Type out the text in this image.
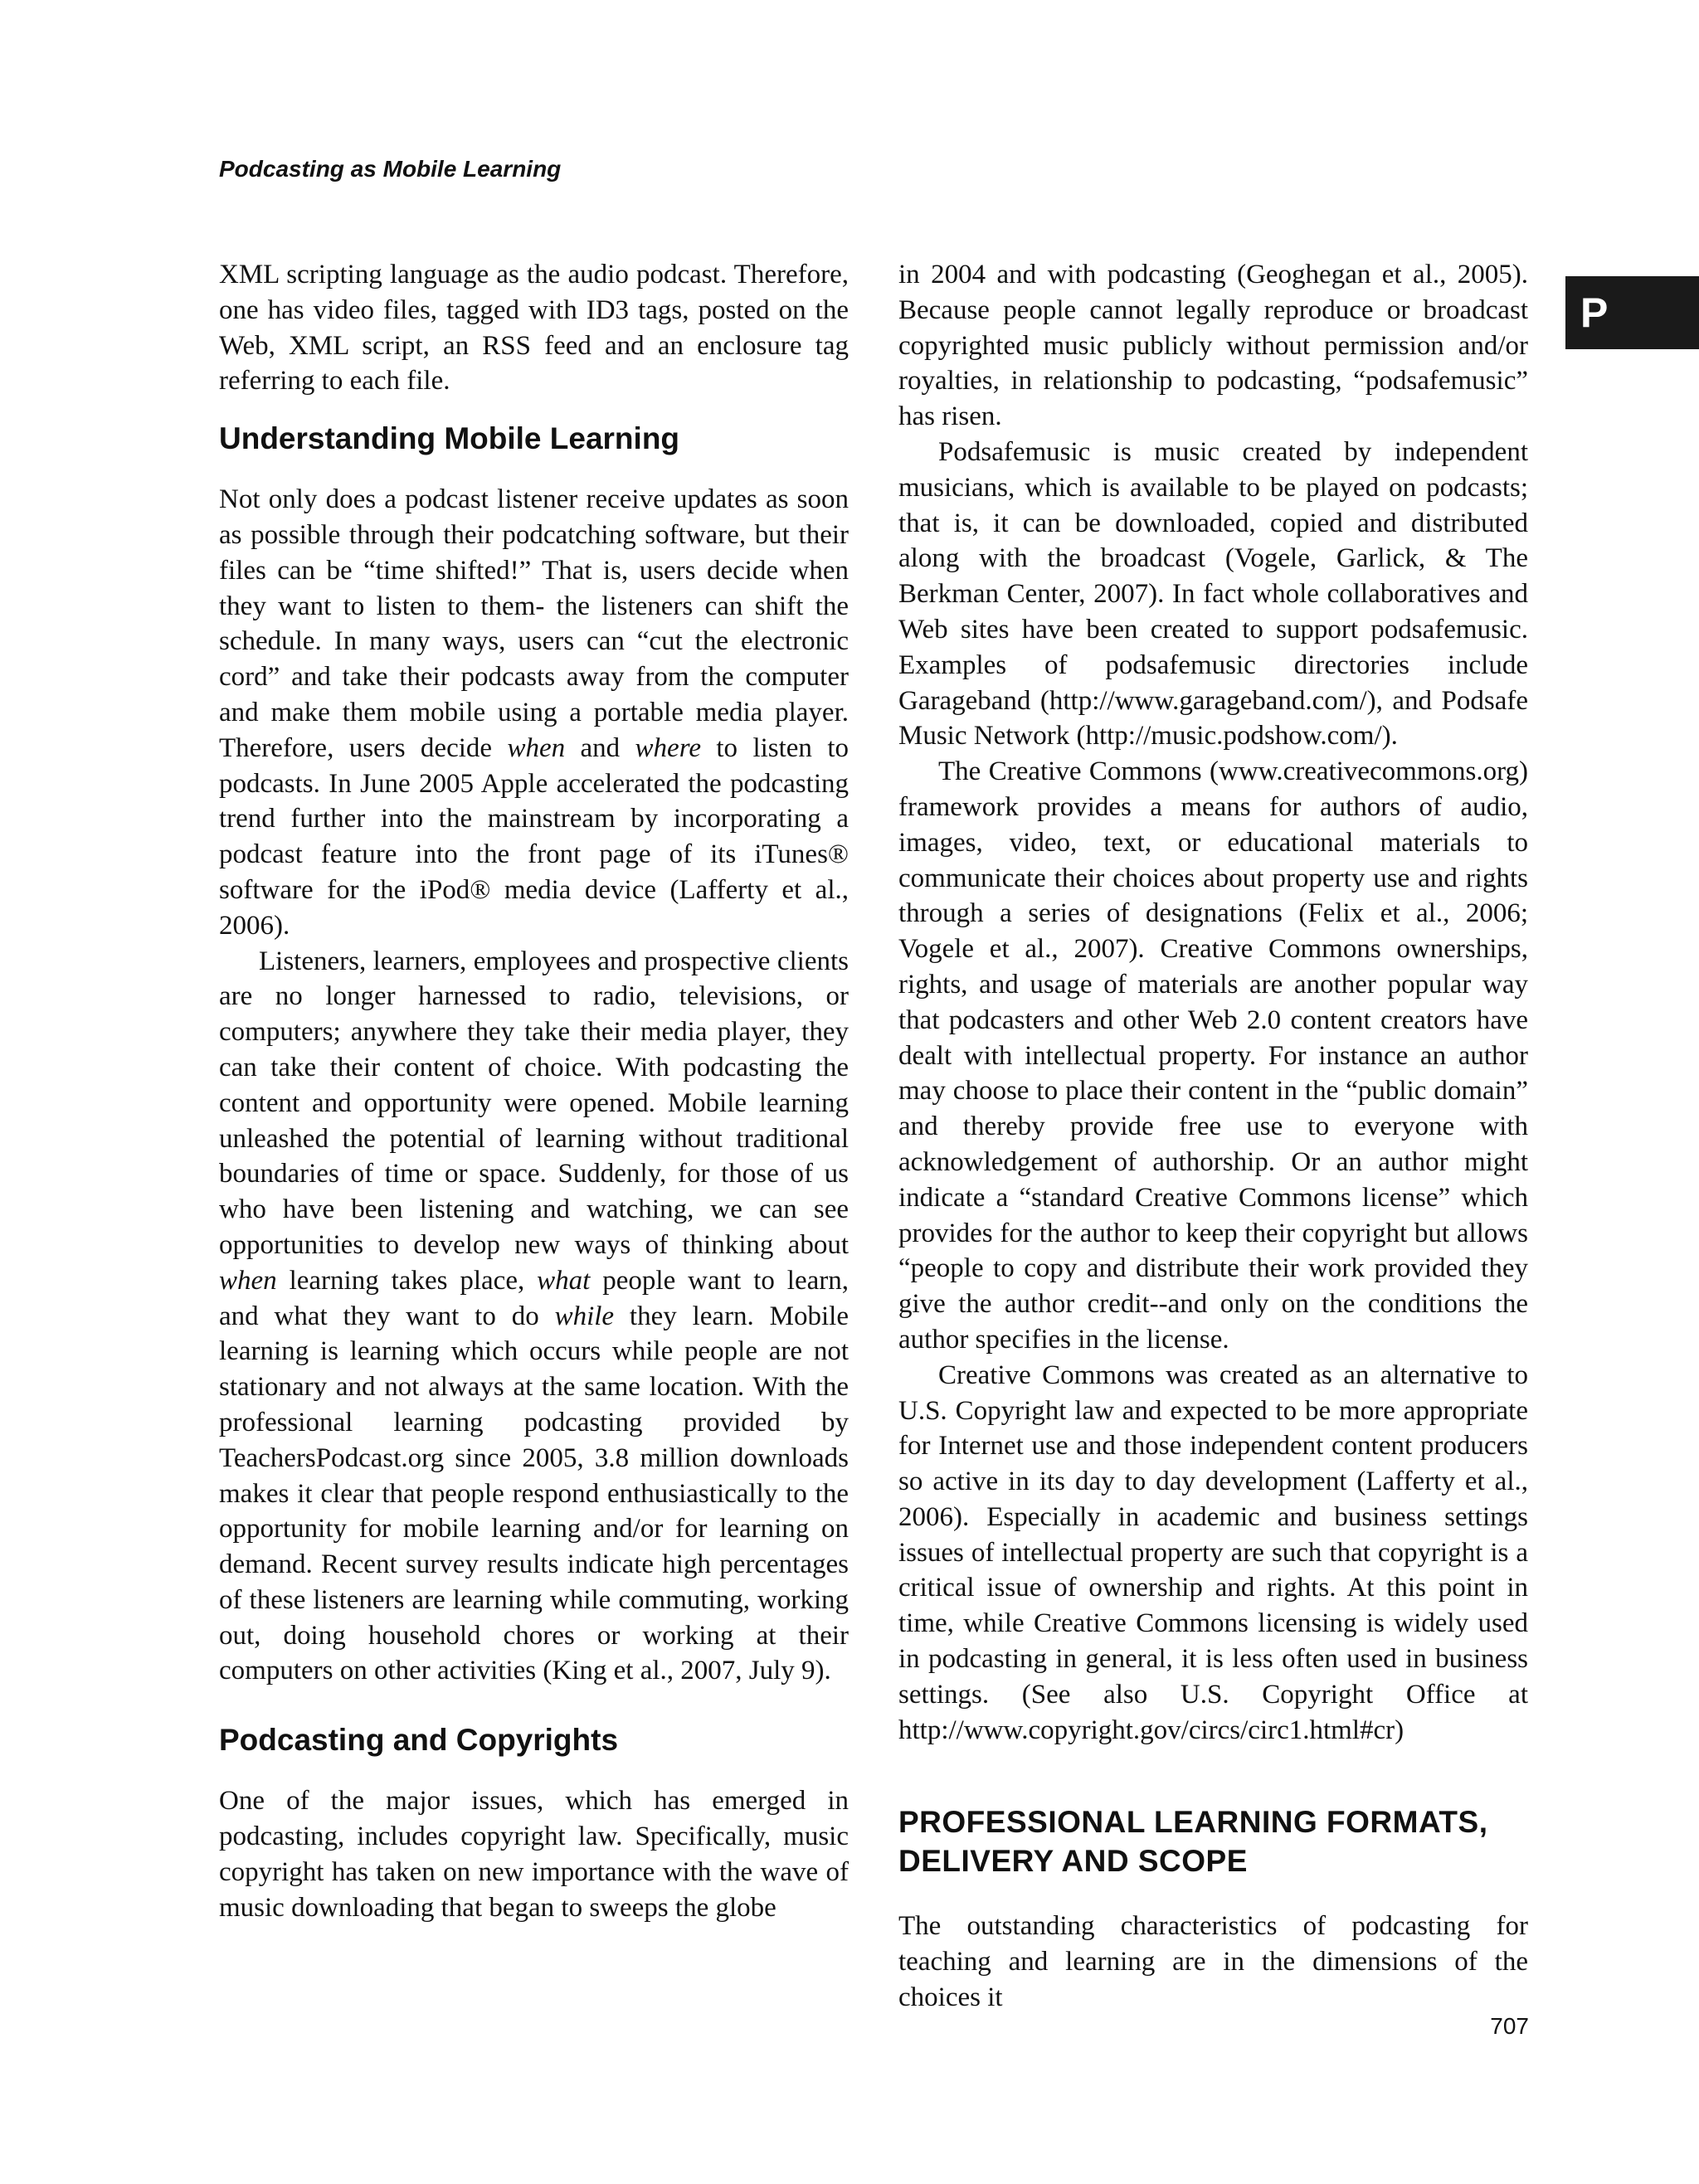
Podcasting as Mobile Learning

P

XML scripting language as the audio podcast. Therefore, one has video files, tagged with ID3 tags, posted on the Web, XML script, an RSS feed and an enclosure tag referring to each file.

Understanding Mobile Learning

Not only does a podcast listener receive updates as soon as possible through their podcatching software, but their files can be “time shifted!” That is, users decide when they want to listen to them- the listeners can shift the schedule. In many ways, users can “cut the electronic cord” and take their podcasts away from the computer and make them mobile using a portable media player. Therefore, users decide when and where to listen to podcasts. In June 2005 Apple accelerated the podcasting trend further into the mainstream by incorporating a podcast feature into the front page of its iTunes® software for the iPod® media device (Lafferty et al., 2006).

Listeners, learners, employees and prospective clients are no longer harnessed to radio, televisions, or computers; anywhere they take their media player, they can take their content of choice. With podcasting the content and opportunity were opened. Mobile learning unleashed the potential of learning without traditional boundaries of time or space. Suddenly, for those of us who have been listening and watching, we can see opportunities to develop new ways of thinking about when learning takes place, what people want to learn, and what they want to do while they learn. Mobile learning is learning which occurs while people are not stationary and not always at the same location. With the professional learning podcasting provided by TeachersPodcast.org since 2005, 3.8 million downloads makes it clear that people respond enthusiastically to the opportunity for mobile learning and/or for learning on demand. Recent survey results indicate high percentages of these listeners are learning while commuting, working out, doing household chores or working at their computers on other activities (King et al., 2007, July 9).

Podcasting and Copyrights

One of the major issues, which has emerged in podcasting, includes copyright law. Specifically, music copyright has taken on new importance with the wave of music downloading that began to sweeps the globe

in 2004 and with podcasting (Geoghegan et al., 2005). Because people cannot legally reproduce or broadcast copyrighted music publicly without permission and/or royalties, in relationship to podcasting, “podsafemusic” has risen.

Podsafemusic is music created by independent musicians, which is available to be played on podcasts; that is, it can be downloaded, copied and distributed along with the broadcast (Vogele, Garlick, & The Berkman Center, 2007). In fact whole collaboratives and Web sites have been created to support podsafemusic. Examples of podsafemusic directories include Garageband (http://www.garageband.com/), and Podsafe Music Network (http://music.podshow.com/).

The Creative Commons (www.creativecommons.org) framework provides a means for authors of audio, images, video, text, or educational materials to communicate their choices about property use and rights through a series of designations (Felix et al., 2006; Vogele et al., 2007). Creative Commons ownerships, rights, and usage of materials are another popular way that podcasters and other Web 2.0 content creators have dealt with intellectual property. For instance an author may choose to place their content in the “public domain” and thereby provide free use to everyone with acknowledgement of authorship. Or an author might indicate a “standard Creative Commons license” which provides for the author to keep their copyright but allows “people to copy and distribute their work provided they give the author credit--and only on the conditions the author specifies in the license.

Creative Commons was created as an alternative to U.S. Copyright law and expected to be more appropriate for Internet use and those independent content producers so active in its day to day development (Lafferty et al., 2006). Especially in academic and business settings issues of intellectual property are such that copyright is a critical issue of ownership and rights. At this point in time, while Creative Commons licensing is widely used in podcasting in general, it is less often used in business settings. (See also U.S. Copyright Office at http://www.copyright.gov/circs/circ1.html#cr)

PROFESSIONAL LEARNING FORMATS,
DELIVERY AND SCOPE

The outstanding characteristics of podcasting for teaching and learning are in the dimensions of the choices it

707
